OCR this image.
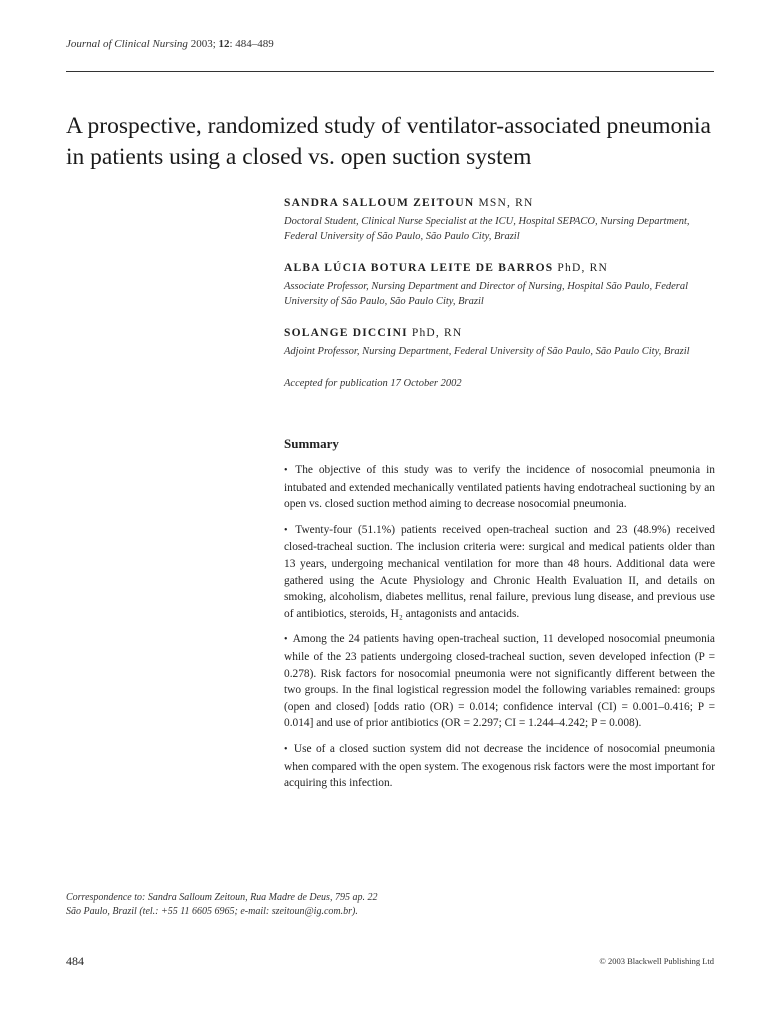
Journal of Clinical Nursing 2003; 12: 484–489
A prospective, randomized study of ventilator-associated pneumonia in patients using a closed vs. open suction system
SANDRA SALLOUM ZEITOUN MSN, RN
Doctoral Student, Clinical Nurse Specialist at the ICU, Hospital SEPACO, Nursing Department, Federal University of São Paulo, São Paulo City, Brazil
ALBA LÚCIA BOTURA LEITE DE BARROS PhD, RN
Associate Professor, Nursing Department and Director of Nursing, Hospital São Paulo, Federal University of São Paulo, São Paulo City, Brazil
SOLANGE DICCINI PhD, RN
Adjoint Professor, Nursing Department, Federal University of São Paulo, São Paulo City, Brazil
Accepted for publication 17 October 2002
Summary

• The objective of this study was to verify the incidence of nosocomial pneumonia in intubated and extended mechanically ventilated patients having endotracheal suctioning by an open vs. closed suction method aiming to decrease nosocomial pneumonia.

• Twenty-four (51.1%) patients received open-tracheal suction and 23 (48.9%) received closed-tracheal suction. The inclusion criteria were: surgical and medical patients older than 13 years, undergoing mechanical ventilation for more than 48 hours. Additional data were gathered using the Acute Physiology and Chronic Health Evaluation II, and details on smoking, alcoholism, diabetes mellitus, renal failure, previous lung disease, and previous use of antibiotics, steroids, H₂ antagonists and antacids.

• Among the 24 patients having open-tracheal suction, 11 developed nosocomial pneumonia while of the 23 patients undergoing closed-tracheal suction, seven developed infection (P = 0.278). Risk factors for nosocomial pneumonia were not significantly different between the two groups. In the final logistical regression model the following variables remained: groups (open and closed) [odds ratio (OR) = 0.014; confidence interval (CI) = 0.001–0.416; P = 0.014] and use of prior antibiotics (OR = 2.297; CI = 1.244–4.242; P = 0.008).

• Use of a closed suction system did not decrease the incidence of nosocomial pneumonia when compared with the open system. The exogenous risk factors were the most important for acquiring this infection.

Correspondence to: Sandra Salloum Zeitoun, Rua Madre de Deus, 795 ap. 22 São Paulo, Brazil (tel.: +55 11 6605 6965; e-mail: szeitoun@ig.com.br).
484	© 2003 Blackwell Publishing Ltd
